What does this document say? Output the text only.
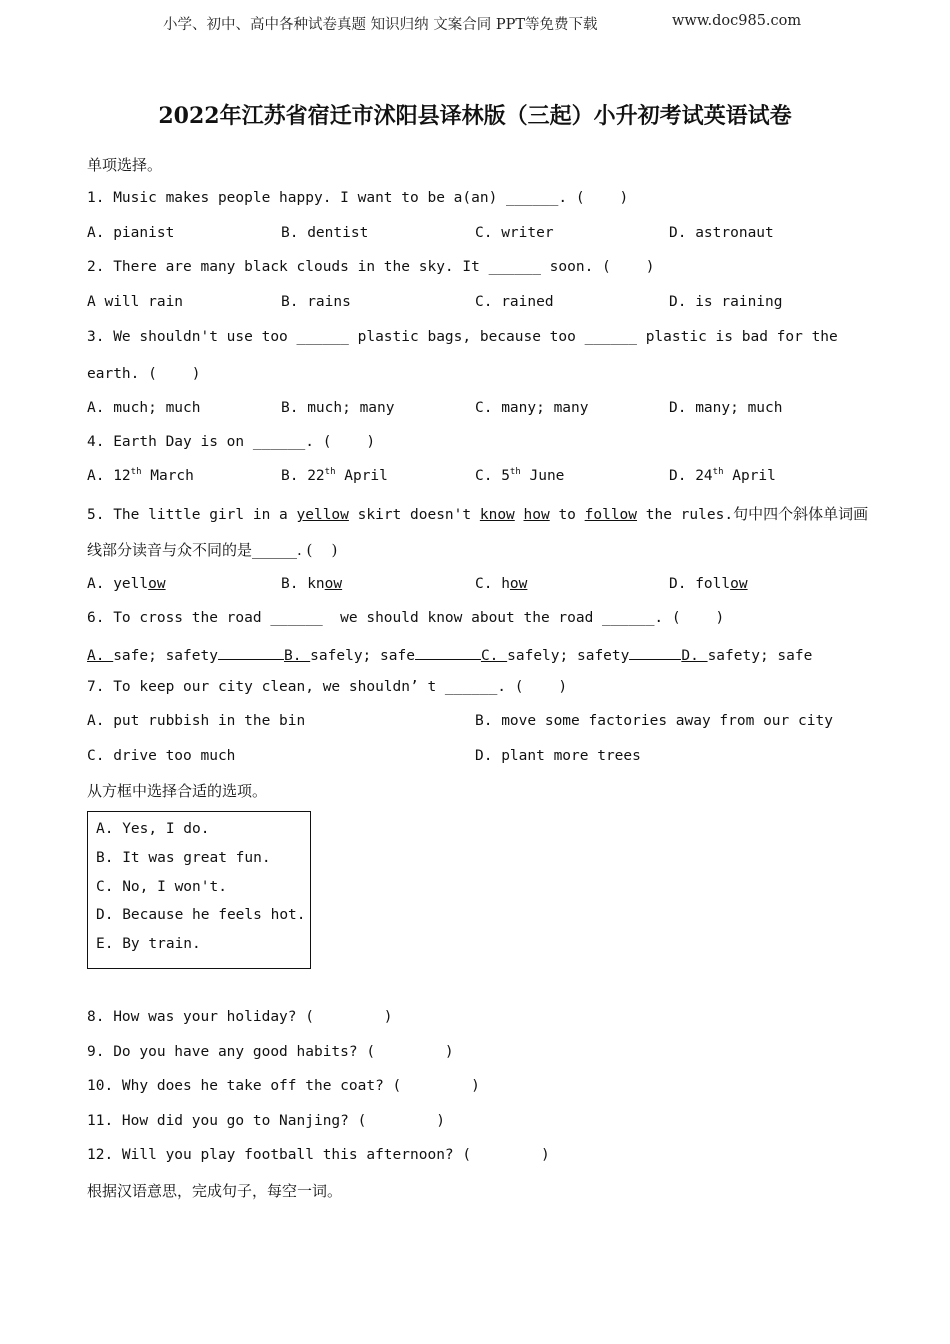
小学、初中、高中各种试卷真题 知识归纳 文案合同 PPT等免费下载	www.doc985.com
2022年江苏省宿迁市沭阳县译林版（三起）小升初考试英语试卷
单项选择。
1. Music makes people happy. I want to be a(an) ______. (    )
A. pianist	B. dentist	C. writer	D. astronaut
2. There are many black clouds in the sky. It ______ soon. (    )
A will rain	B. rains	C. rained	D. is raining
3. We shouldn't use too ______ plastic bags, because too ______ plastic is bad for the
earth. (    )
A. much; much	B. much; many	C. many; many	D. many; much
4. Earth Day is on ______. (    )
A. 12th March	B. 22th April	C. 5th June	D. 24th April
5. The little girl in a yellow skirt doesn't know how to follow the rules.句中四个斜体单词画
线部分读音与众不同的是______. (    )
A. yellow	B. know	C. how	D. follow
6. To cross the road ______  we should know about the road ______. (    )
A. safe; safety	B. safely; safe	C. safely; safety	D. safety; safe
7. To keep our city clean, we shouldn’ t ______. (    )
A. put rubbish in the bin	B. move some factories away from our city
C. drive too much	D. plant more trees
从方框中选择合适的选项。
A. Yes, I do.
B. It was great fun.
C. No, I won't.
D. Because he feels hot.
E. By train.
8. How was your holiday? (        )
9. Do you have any good habits? (        )
10. Why does he take off the coat? (        )
11. How did you go to Nanjing? (        )
12. Will you play football this afternoon? (        )
根据汉语意思，完成句子，每空一词。
